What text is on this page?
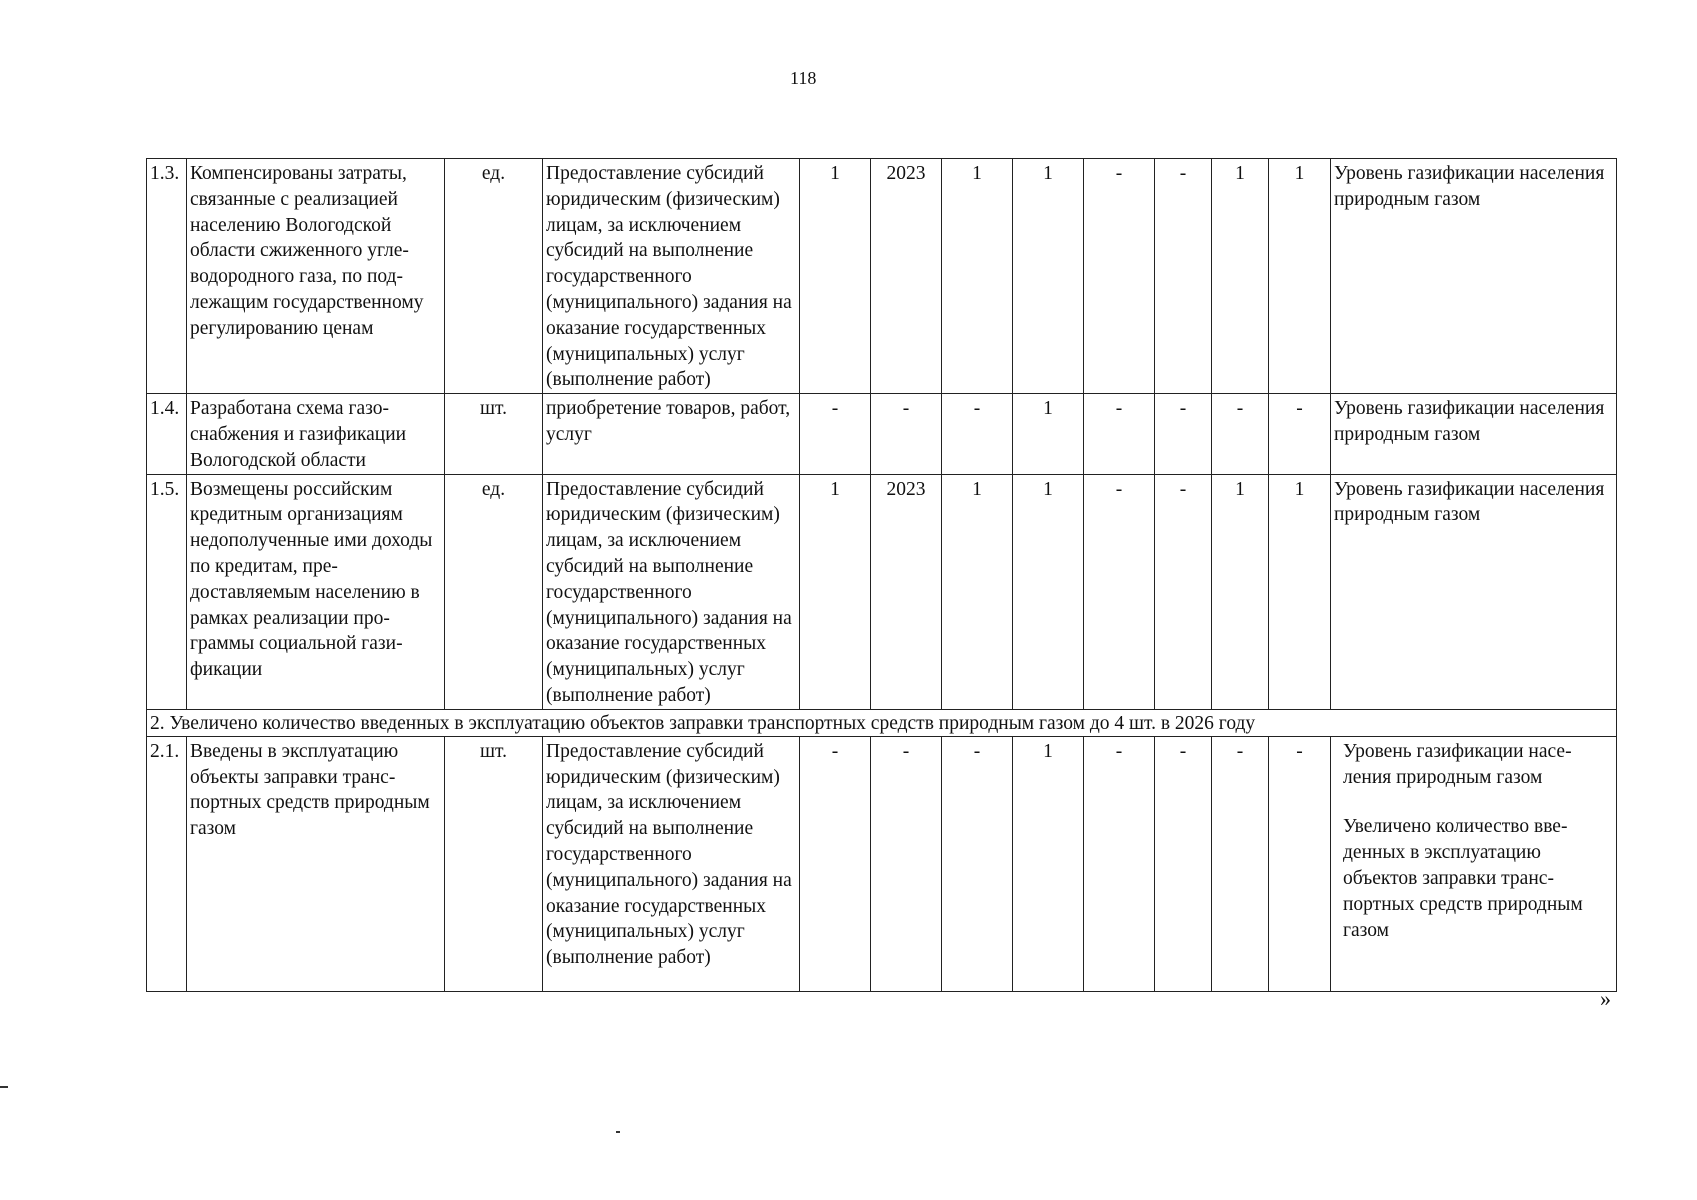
118
1.3.	Компенсированы затраты, связанные с реализацией населению Вологодской области сжиженного углеводородного газа, по подлежащим государственному регулированию ценам	ед.	Предоставление субсидий юридическим (физическим) лицам, за исключением субсидий на выполнение государственного (муниципального) задания на оказание государственных (муниципальных) услуг (выполнение работ)	1	2023	1	1	-	-	1	1	Уровень газификации населения природным газом
1.4.	Разработана схема газоснабжения и газификации Вологодской области	шт.	приобретение товаров, работ, услуг	-	-	-	1	-	-	-	-	Уровень газификации населения природным газом
1.5.	Возмещены российским кредитным организациям недополученные ими доходы по кредитам, предоставляемым населению в рамках реализации программы социальной газификации	ед.	Предоставление субсидий юридическим (физическим) лицам, за исключением субсидий на выполнение государственного (муниципального) задания на оказание государственных (муниципальных) услуг (выполнение работ)	1	2023	1	1	-	-	1	1	Уровень газификации населения природным газом
2. Увеличено количество введенных в эксплуатацию объектов заправки транспортных средств природным газом до 4 шт. в 2026 году												
2.1.	Введены в эксплуатацию объекты заправки транспортных средств природным газом	шт.	Предоставление субсидий юридическим (физическим) лицам, за исключением субсидий на выполнение государственного (муниципального) задания на оказание государственных (муниципальных) услуг (выполнение работ)	-	-	-	1	-	-	-	-	Уровень газификации населения природным газом
Увеличено количество введенных в эксплуатацию объектов заправки транспортных средств природным газом
»
